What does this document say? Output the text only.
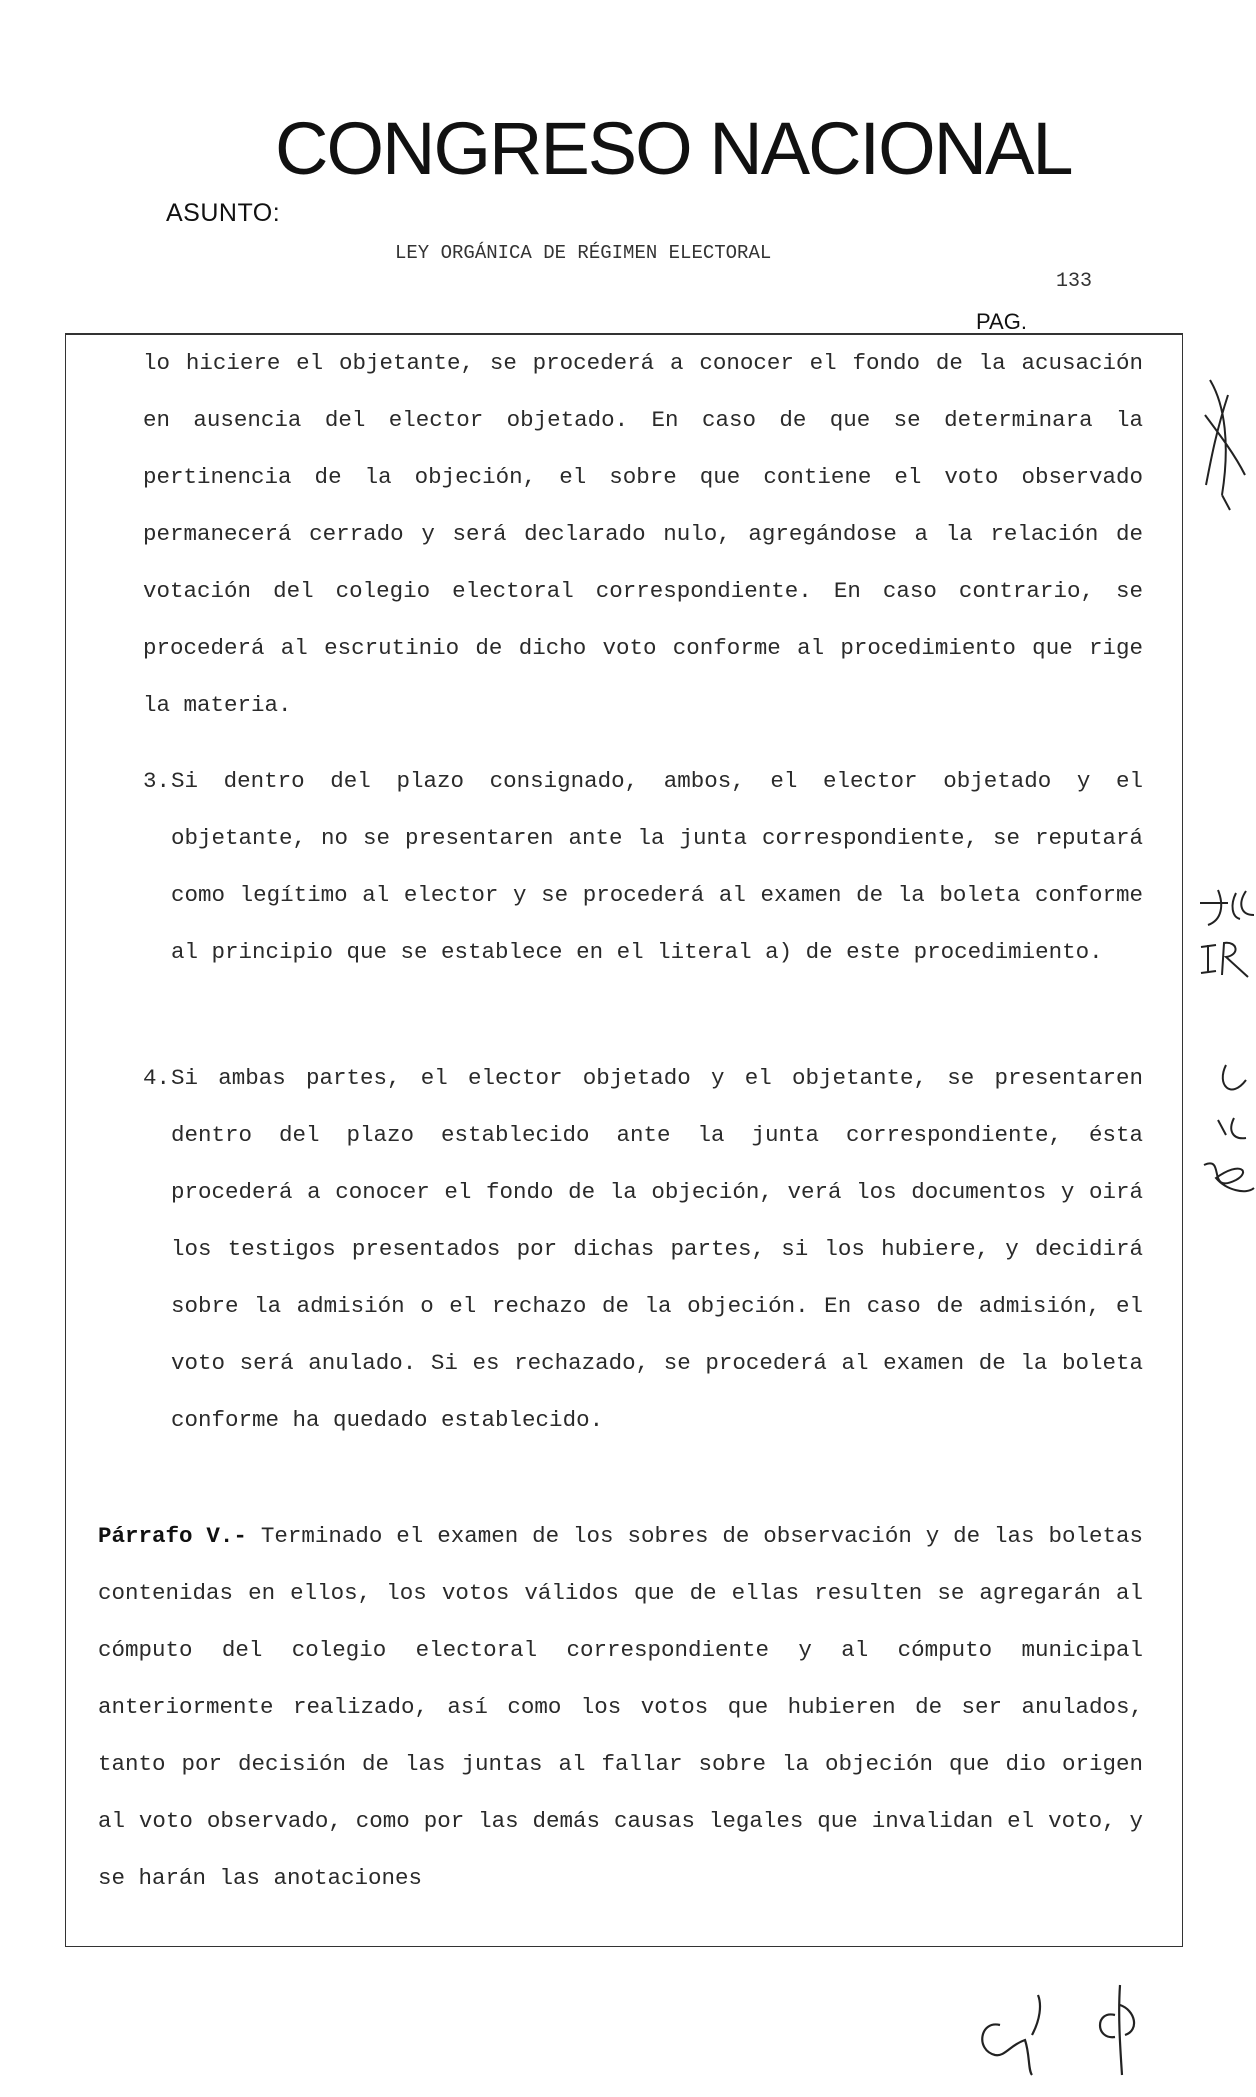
CONGRESO NACIONAL
ASUNTO:
LEY ORGÁNICA DE RÉGIMEN ELECTORAL
133
PAG.

lo hiciere el objetante, se procederá a conocer el fondo de la acusación en ausencia del elector objetado. En caso de que se determinara la pertinencia de la objeción, el sobre que contiene el voto observado permanecerá cerrado y será declarado nulo, agregándose a la relación de votación del colegio electoral correspondiente. En caso contrario, se procederá al escrutinio de dicho voto conforme al procedimiento que rige la materia.

3. Si dentro del plazo consignado, ambos, el elector objetado y el objetante, no se presentaren ante la junta correspondiente, se reputará como legítimo al elector y se procederá al examen de la boleta conforme al principio que se establece en el literal a) de este procedimiento.

4. Si ambas partes, el elector objetado y el objetante, se presentaren dentro del plazo establecido ante la junta correspondiente, ésta procederá a conocer el fondo de la objeción, verá los documentos y oirá los testigos presentados por dichas partes, si los hubiere, y decidirá sobre la admisión o el rechazo de la objeción. En caso de admisión, el voto será anulado. Si es rechazado, se procederá al examen de la boleta conforme ha quedado establecido.

Párrafo V.- Terminado el examen de los sobres de observación y de las boletas contenidas en ellos, los votos válidos que de ellas resulten se agregarán al cómputo del colegio electoral correspondiente y al cómputo municipal anteriormente realizado, así como los votos que hubieren de ser anulados, tanto por decisión de las juntas al fallar sobre la objeción que dio origen al voto observado, como por las demás causas legales que invalidan el voto, y se harán las anotaciones
